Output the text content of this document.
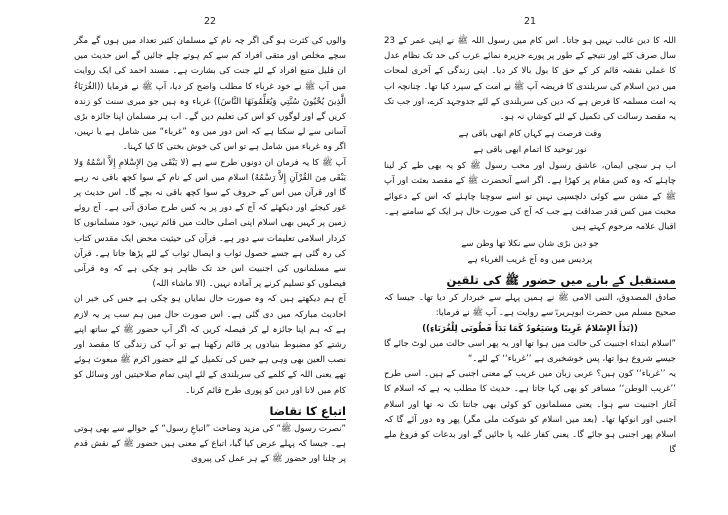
22

والوں کی کثرت ہو گی اگر چہ نام کے مسلمان کثیر تعداد میں ہوں گے مگر سچے مخلص اور متقی افراد کم سے کم ہوتے چلے جائیں گے اس حدیث میں ان قلیل متبع افراد کے لئے جنت کی بشارت ہے۔ مسند احمد کی ایک روایت میں آپ ﷺ نے خود غرباء کا مطلب واضح کر دیا، آپ ﷺ نے فرمایا ((الغُرَبَاءُ الَّذِينَ يُحْيُونَ سُنَّتِي وَيُعَلِّمُونَهَا النَّاسَ)) غرباء وہ ہیں جو میری سنت کو زندہ کریں گے اور لوگوں کو اس کی تعلیم دیں گے۔ اب ہر مسلمان اپنا جائزہ بڑی آسانی سے لے سکتا ہے کہ اس دور میں وہ ”غرباء“ میں شامل ہے یا نہیں، اگر وہ غرباء میں شامل ہے تو اس کی خوش بختی کا کیا کہنا۔

آپ ﷺ کا یہ فرمان ان دونوں طرح سے ہے (لا يَبْقَى مِنَ الإِسْلامِ إِلاَّ اسْمُهُ وَلا يَبْقَى مِنَ القُرْآنِ إِلاَّ رَسْمُهُ) اسلام میں اس کے نام کے سوا کچھ باقی نہ رہے گا اور قرآن میں اس کے حروف کے سوا کچھ باقی نہ بچے گا۔ اس حدیث پر غور کیجئے اور دیکھئے کہ آج کے دور پر یہ کس طرح صادق آتی ہے۔ آج روئے زمین پر کہیں بھی اسلام اپنی اصلی حالت میں قائم نہیں، خود مسلمانوں کا کردار اسلامی تعلیمات سے دور ہے۔ قرآن کی حیثیت محض ایک مقدس کتاب کی رہ گئی ہے جسے حصول ثواب و ایصال ثواب کے لئے پڑھا جاتا ہے۔ قرآن سے مسلمانوں کی اجنبیت اس حد تک ظاہر ہو چکی ہے کہ وہ قرآنی فیصلوں کو تسلیم کرنے پر آمادہ نہیں۔ (الا ماشاء اللہ)

آج ہم دیکھتے ہیں کہ وہ صورت حال نمایاں ہو چکی ہے جس کی خبر ان احادیث مبارکہ میں دی گئی ہے۔ اس صورت حال میں ہم سب پر یہ لازم ہے کہ ہم اپنا جائزہ لے کر فیصلہ کریں کہ اگر آپ حضور ﷺ کے ساتھ اپنے رشتے کو مضبوط بنیادوں پر قائم رکھنا ہے تو آپ کی زندگی کا مقصد اور نصب العین بھی وہی ہے جس کی تکمیل کے لئے حضور اکرم ﷺ مبعوث ہوئے تھے یعنی اللہ کے کلمے کی سربلندی کے لئے اپنی تمام صلاحیتیں اور وسائل کو کام میں لانا اور دین کو پوری طرح قائم کرنا۔

اتباعِ کا تقاضا

”نصرت رسول ﷺ“ کی مزید وضاحت ”اتباعِ رسول“ کے حوالے سے بھی ہوتی ہے۔ جیسا کہ پہلے عرض کیا گیا، اتباع کے معنی ہیں حضور ﷺ کے نقش قدم پر چلنا اور حضور ﷺ کے ہر عمل کی پیروی

21

اللہ کا دین غالب نہیں ہو جاتا۔ اس کام میں رسول اللہ ﷺ نے اپنی عمر کے 23 سال صرف کئے اور نتیجے کے طور پر پورے جزیرہ نمائے عرب کی حد تک نظام عدل کا عملی نقشہ قائم کر کے حق کا بول بالا کر دیا۔ اپنی زندگی کے آخری لمحات میں دین اسلام کی سربلندی کا فریضہ آپ ﷺ نے امت کے سپرد کیا تھا۔ چنانچہ اب یہ امت مسلمہ کا فرض ہے کہ دین کی سربلندی کے لئے جدوجہد کرے، اور جب تک یہ مقصد رسالت کی تکمیل کے لئے کوشاں نہ ہو۔

وقت فرصت ہے کہاں کام ابھی باقی ہے
نور توحید کا اتمام ابھی باقی ہے

اب ہر سچی ایمان، عاشق رسول اور محب رسول ﷺ کو یہ بھی طے کر لینا چاہئے کہ وہ کس مقام پر کھڑا ہے۔ اگر اسے آنحضرت ﷺ کے مقصد بعثت اور آپ ﷺ کے مشن سے کوئی دلچسپی نہیں تو اسے سوچنا چاہئے کہ اس کے دعوائے محبت میں کس قدر صداقت ہے جب کہ آج کی صورت حال ہر ایک کے سامنے ہے۔ اقبال علامہ مرحوم کہتے ہیں

جو دین بڑی شان سے نکلا تھا وطن سے
پردیس میں وہ آج غریب الغرباء ہے
مستقبل کے بارے میں حضور ﷺ کی تلقین

صادق المصدوق، النبی الامی ﷺ نے ہمیں پہلے سے خبردار کر دیا تھا۔ جیسا کہ صحیح مسلم میں حضرت ابوہریرہؓ سے روایت ہے۔ آپ ﷺ نے فرمایا:

((بَدَأَ الإِسْلامُ غَرِيبًا وَسَيَعُودُ كَمَا بَدَأَ فَطُوبَى لِلْغُرَبَاءِ))

”اسلام ابتداء اجنبیت کی حالت میں ہوا تھا اور یہ پھر اسی حالت میں لوٹ جائے گا جیسے شروع ہوا تھا، پس خوشخبری ہے ’’غرباء‘‘ کے لئے۔“

یہ ’’غرباء‘‘ کون ہیں؟ عربی زبان میں غریب کے معنی اجنبی کے ہیں۔ اسی طرح ’’غریب الوطن‘‘ مسافر کو بھی کہا جاتا ہے۔ حدیث کا مطلب یہ ہے کہ اسلام کا آغاز اجنبیت سے ہوا۔ یعنی مسلمانوں کو کوئی بھی جانتا تک نہ تھا اور اسلام اجنبی اور انوکھا تھا۔ (بعد میں اسلام کو شوکت ملی مگر) پھر وہ دور آئے گا کہ اسلام پھر اجنبی ہو جائے گا۔ یعنی کفار غلبہ پا جائیں گے اور بدعات کو فروغ ملے گا
